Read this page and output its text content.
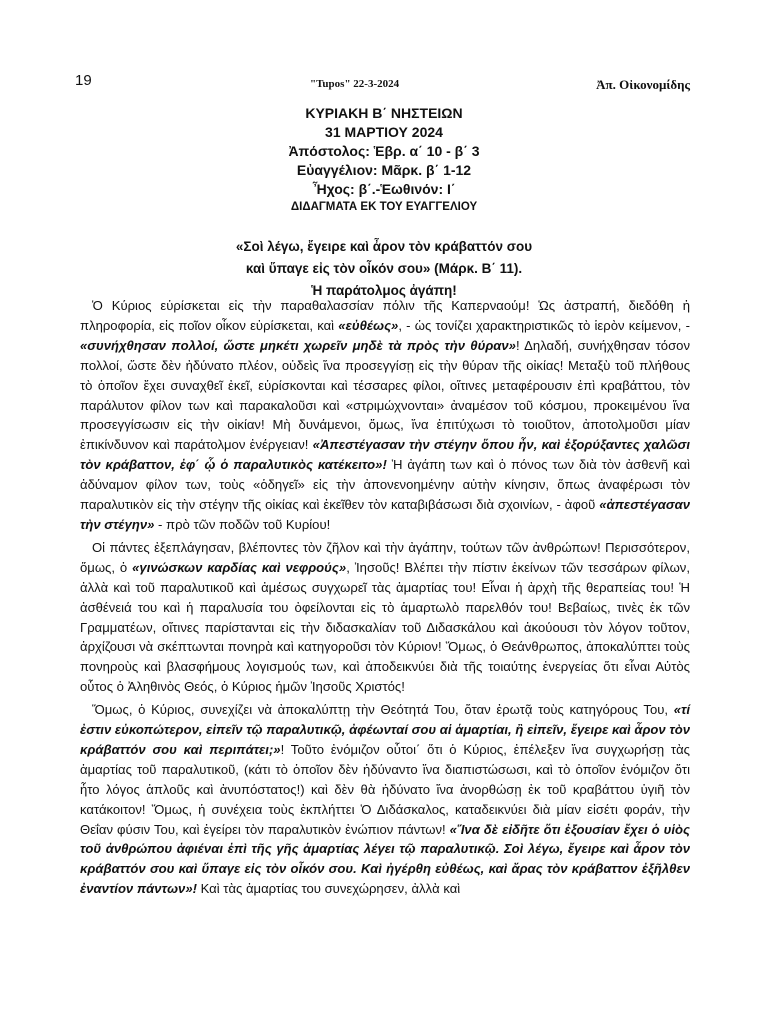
19	"Tupos" 22-3-2024	Ἀπ. Οἰκονομίδης

ΚΥΡΙΑΚΗ Β΄ ΝΗΣΤΕΙΩΝ

31 ΜΑΡΤΙΟΥ 2024

Ἀπόστολος: Ἑβρ. α΄ 10 - β΄ 3

Εὐαγγέλιον: Μᾶρκ. β΄ 1-12

Ἦχος: β΄.-Ἑωθινόν: Ι΄

ΔΙΔΑΓΜΑΤΑ ΕΚ ΤΟΥ ΕΥΑΓΓΕΛΙΟΥ

«Σοὶ λέγω, ἔγειρε καὶ ἆρον τὸν κράβαττόν σου

καὶ ὕπαγε εἰς τὸν οἶκόν σου» (Μάρκ. Β΄ 11).

Ἡ παράτολμος ἀγάπη!

Ὁ Κύριος εὑρίσκεται εἰς τὴν παραθαλασσίαν πόλιν τῆς Καπερναούμ! Ὡς ἀστραπή, διεδόθη ἡ πληροφορία, εἰς ποῖον οἶκον εὑρίσκεται, καὶ «εὐθέως», - ὡς τονίζει χαρακτηριστικῶς τὸ ἱερὸν κείμενον, - «συνήχθησαν πολλοί, ὥστε μηκέτι χωρεῖν μηδὲ τὰ πρὸς τὴν θύραν»! Δηλαδή, συνήχθησαν τόσον πολλοί, ὥστε δὲν ἠδύνατο πλέον, οὐδεὶς ἵνα προσεγγίσῃ εἰς τὴν θύραν τῆς οἰκίας! Μεταξὺ τοῦ πλήθους τὸ ὁποῖον ἔχει συναχθεῖ ἐκεῖ, εὑρίσκονται καὶ τέσσαρες φίλοι, οἵτινες μεταφέρουσιν ἐπὶ κραβάττου, τὸν παράλυτον φίλον των καὶ παρακαλοῦσι καὶ «στριμώχνονται» ἀναμέσον τοῦ κόσμου, προκειμένου ἵνα προσεγγίσωσιν εἰς τὴν οἰκίαν! Μὴ δυνάμενοι, ὅμως, ἵνα ἐπιτύχωσι τὸ τοιοῦτον, ἀποτολμοῦσι μίαν ἐπικίνδυνον καὶ παράτολμον ἐνέργειαν! «Ἀπεστέγασαν τὴν στέγην ὅπου ἦν, καὶ ἐξορύξαντες χαλῶσι τὸν κράβαττον, ἐφ΄ ᾧ ὁ παραλυτικὸς κατέκειτο»! Ἡ ἀγάπη των καὶ ὁ πόνος των διὰ τὸν ἀσθενῆ καὶ ἀδύναμον φίλον των, τοὺς «ὁδηγεῖ» εἰς τὴν ἀπονενοημένην αὐτὴν κίνησιν, ὅπως ἀναφέρωσι τὸν παραλυτικὸν εἰς τὴν στέγην τῆς οἰκίας καὶ ἐκεῖθεν τὸν καταβιβάσωσι διὰ σχοινίων, - ἀφοῦ «ἀπεστέγασαν τὴν στέγην» - πρὸ τῶν ποδῶν τοῦ Κυρίου!

Οἱ πάντες ἐξεπλάγησαν, βλέποντες τὸν ζῆλον καὶ τὴν ἀγάπην, τούτων τῶν ἀνθρώπων! Περισσότερον, ὅμως, ὁ «γινώσκων καρδίας καὶ νεφρούς», Ἰησοῦς! Βλέπει τὴν πίστιν ἐκείνων τῶν τεσσάρων φίλων, ἀλλὰ καὶ τοῦ παραλυτικοῦ καὶ ἀμέσως συγχωρεῖ τὰς ἁμαρτίας του! Εἶναι ἡ ἀρχὴ τῆς θεραπείας του! Ἡ ἀσθένειά του καὶ ἡ παραλυσία του ὀφείλονται εἰς τὸ ἁμαρτωλὸ παρελθόν του! Βεβαίως, τινὲς ἐκ τῶν Γραμματέων, οἵτινες παρίστανται εἰς τὴν διδασκαλίαν τοῦ Διδασκάλου καὶ ἀκούουσι τὸν λόγον τοῦτον, ἀρχίζουσι νὰ σκέπτωνται πονηρὰ καὶ κατηγοροῦσι τὸν Κύριον! Ὅμως, ὁ Θεάνθρωπος, ἀποκαλύπτει τοὺς πονηροὺς καὶ βλασφήμους λογισμούς των, καὶ ἀποδεικνύει διὰ τῆς τοιαύτης ἐνεργείας ὅτι εἶναι Αὐτὸς οὗτος ὁ Ἀληθινὸς Θεός, ὁ Κύριος ἡμῶν Ἰησοῦς Χριστός!

Ὅμως, ὁ Κύριος, συνεχίζει νὰ ἀποκαλύπτῃ τὴν Θεότητά Του, ὅταν ἐρωτᾷ τοὺς κατηγόρους Του, «τί ἐστιν εὐκοπώτερον, εἰπεῖν τῷ παραλυτικῷ, ἀφέωνταί σου αἱ ἁμαρτίαι, ἢ εἰπεῖν, ἔγειρε καὶ ἆρον τὸν κράβαττόν σου καὶ περιπάτει;»! Τοῦτο ἐνόμιζον οὗτοι΄ ὅτι ὁ Κύριος, ἐπέλεξεν ἵνα συγχωρήσῃ τὰς ἁμαρτίας τοῦ παραλυτικοῦ, (κάτι τὸ ὁποῖον δὲν ἠδύναντο ἵνα διαπιστώσωσι, καὶ τὸ ὁποῖον ἐνόμιζον ὅτι ἦτο λόγος ἁπλοῦς καὶ ἀνυπόστατος!) καὶ δὲν θὰ ἠδύνατο ἵνα ἀνορθώσῃ ἐκ τοῦ κραβάττου ὑγιῆ τὸν κατάκοιτον! Ὅμως, ἡ συνέχεια τοὺς ἐκπλήττει Ὁ Διδάσκαλος, καταδεικνύει διὰ μίαν εἰσέτι φοράν, τὴν Θεΐαν φύσιν Του, καὶ ἐγείρει τὸν παραλυτικὸν ἐνώπιον πάντων! «Ἵνα δὲ εἰδῆτε ὅτι ἐξουσίαν ἔχει ὁ υἱὸς τοῦ ἀνθρώπου ἀφιέναι ἐπὶ τῆς γῆς ἁμαρτίας λέγει τῷ παραλυτικῷ. Σοὶ λέγω, ἔγειρε καὶ ἆρον τὸν κράβαττόν σου καὶ ὕπαγε εἰς τὸν οἶκόν σου. Καὶ ἠγέρθη εὐθέως, καὶ ἄρας τὸν κράβαττον ἐξῆλθεν ἐναντίον πάντων»! Καὶ τὰς ἁμαρτίας του συνεχώρησεν, ἀλλὰ καὶ
